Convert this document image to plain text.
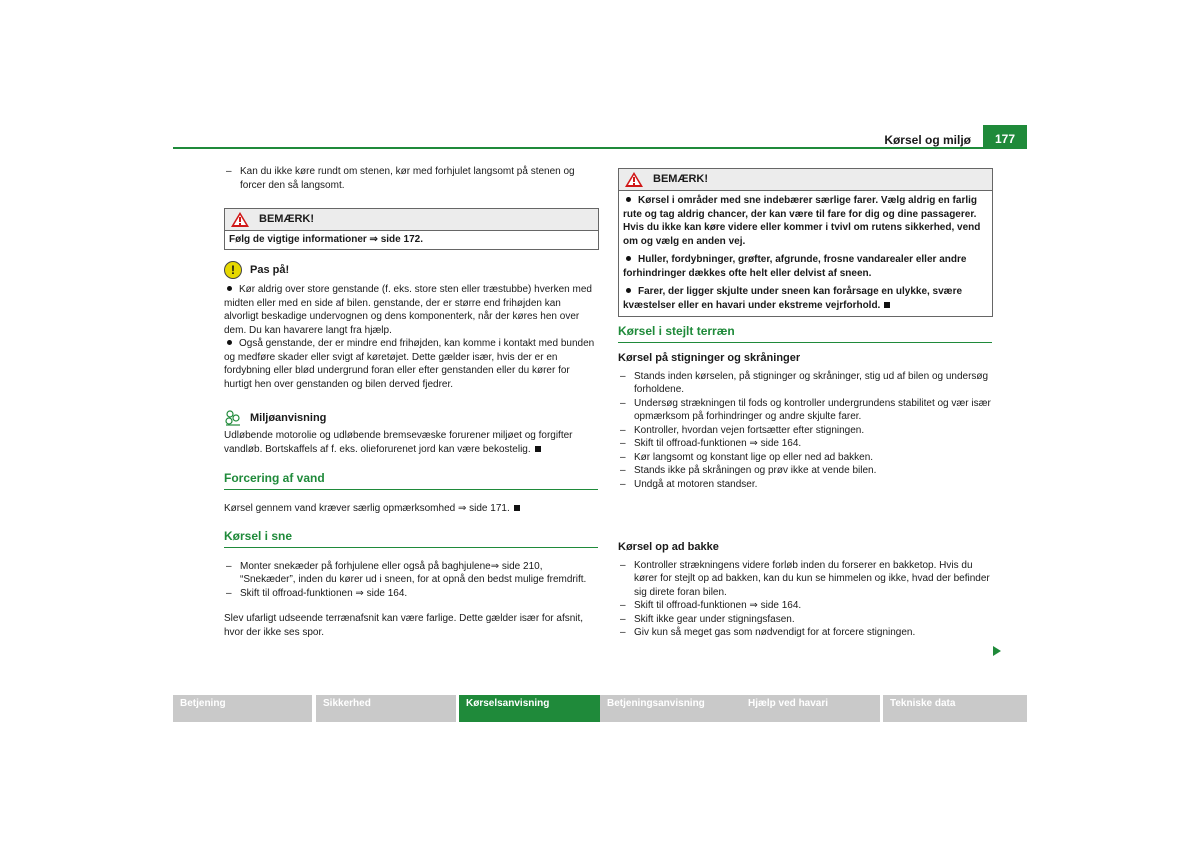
Kørsel og miljø	177

– Kan du ikke køre rundt om stenen, kør med forhjulet langsomt på stenen og forcer den så langsomt.

BEMÆRK!
Følg de vigtige informationer ⇒ side 172.
! Pas på!

Kør aldrig over store genstande (f. eks. store sten eller træstubbe) hverken med midten eller med en side af bilen. genstande, der er større end frihøjden kan alvorligt beskadige undervognen og dens komponenterk, når der køres hen over dem. Du kan havarere langt fra hjælp.

Også genstande, der er mindre end frihøjden, kan komme i kontakt med bunden og medføre skader eller svigt af køretøjet. Dette gælder især, hvis der er en fordybning eller blød undergrund foran eller efter genstanden eller du kører for hurtigt hen over genstanden og bilen derved fjedrer.

Miljøanvisning

Udløbende motorolie og udløbende bremsevæske forurener miljøet og forgifter vandløb. Bortskaffels af f. eks. olieforurenet jord kan være bekostelig.

Forcering af vand

Kørsel gennem vand kræver særlig opmærksomhed ⇒ side 171.

Kørsel i sne

– Monter snekæder på forhjulene eller også på baghjulene⇒ side 210, “Snekæder”, inden du kører ud i sneen, for at opnå den bedst mulige fremdrift.

– Skift til offroad-funktionen ⇒ side 164.

Slev ufarligt udseende terrænafsnit kan være farlige. Dette gælder især for afsnit, hvor der ikke ses spor.

BEMÆRK!

Kørsel i områder med sne indebærer særlige farer. Vælg aldrig en farlig rute og tag aldrig chancer, der kan være til fare for dig og dine passagerer. Hvis du ikke kan køre videre eller kommer i tvivl om rutens sikkerhed, vend om og vælg en anden vej.

Huller, fordybninger, grøfter, afgrunde, frosne vandarealer eller andre forhindringer dækkes ofte helt eller delvist af sneen.

Farer, der ligger skjulte under sneen kan forårsage en ulykke, svære kvæstelser eller en havari under ekstreme vejrforhold.

Kørsel i stejlt terræn
Kørsel på stigninger og skråninger

– Stands inden kørselen, på stigninger og skråninger, stig ud af bilen og undersøg forholdene.

– Undersøg strækningen til fods og kontroller undergrundens stabilitet og vær især opmærksom på forhindringer og andre skjulte farer.

– Kontroller, hvordan vejen fortsætter efter stigningen.

– Skift til offroad-funktionen ⇒ side 164.

– Kør langsomt og konstant lige op eller ned ad bakken.

– Stands ikke på skråningen og prøv ikke at vende bilen.

– Undgå at motoren standser.

Kørsel op ad bakke

– Kontroller strækningens videre forløb inden du forserer en bakketop. Hvis du kører for stejlt op ad bakken, kan du kun se himmelen og ikke, hvad der befinder sig direte foran bilen.

– Skift til offroad-funktionen ⇒ side 164.

– Skift ikke gear under stigningsfasen.

– Giv kun så meget gas som nødvendigt for at forcere stigningen.

Betjening	Sikkerhed	Kørselsanvisning	Betjeningsanvisning	Hjælp ved havari	Tekniske data
